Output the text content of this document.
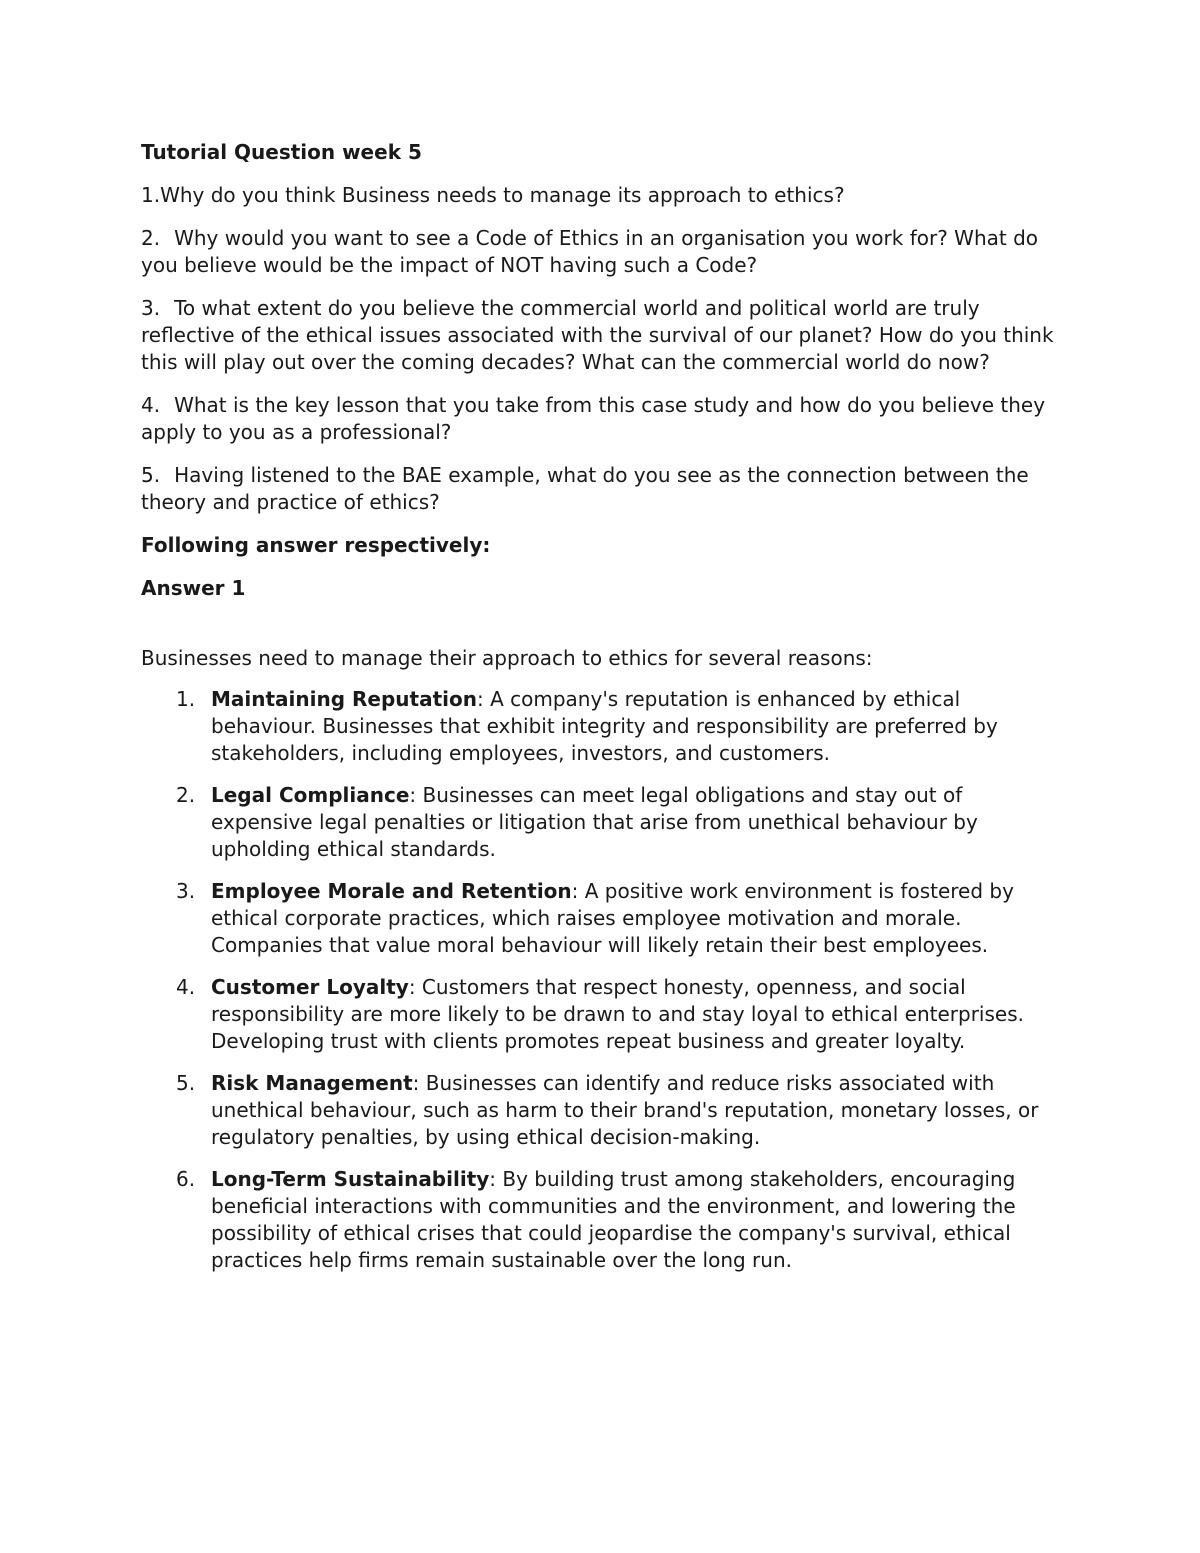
Tutorial Question week 5

1.Why do you think Business needs to manage its approach to ethics?

2. Why would you want to see a Code of Ethics in an organisation you work for? What do you believe would be the impact of NOT having such a Code?

3. To what extent do you believe the commercial world and political world are truly reflective of the ethical issues associated with the survival of our planet? How do you think this will play out over the coming decades? What can the commercial world do now?

4. What is the key lesson that you take from this case study and how do you believe they apply to you as a professional?

5. Having listened to the BAE example, what do you see as the connection between the theory and practice of ethics?

Following answer respectively:

Answer 1

Businesses need to manage their approach to ethics for several reasons:

1. Maintaining Reputation: A company's reputation is enhanced by ethical behaviour. Businesses that exhibit integrity and responsibility are preferred by stakeholders, including employees, investors, and customers.
2. Legal Compliance: Businesses can meet legal obligations and stay out of expensive legal penalties or litigation that arise from unethical behaviour by upholding ethical standards.
3. Employee Morale and Retention: A positive work environment is fostered by ethical corporate practices, which raises employee motivation and morale. Companies that value moral behaviour will likely retain their best employees.
4. Customer Loyalty: Customers that respect honesty, openness, and social responsibility are more likely to be drawn to and stay loyal to ethical enterprises. Developing trust with clients promotes repeat business and greater loyalty.
5. Risk Management: Businesses can identify and reduce risks associated with unethical behaviour, such as harm to their brand's reputation, monetary losses, or regulatory penalties, by using ethical decision-making.
6. Long-Term Sustainability: By building trust among stakeholders, encouraging beneficial interactions with communities and the environment, and lowering the possibility of ethical crises that could jeopardise the company's survival, ethical practices help firms remain sustainable over the long run.
